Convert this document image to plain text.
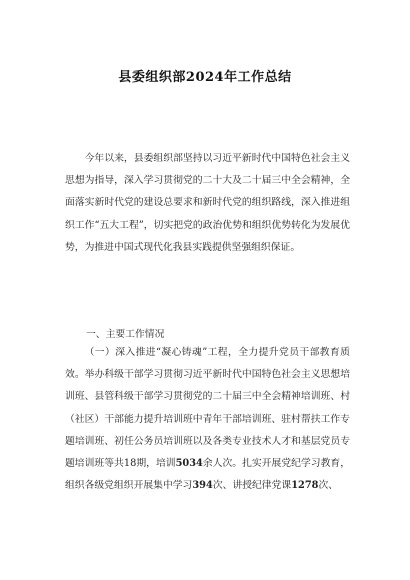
县委组织部2024年工作总结

今年以来，县委组织部坚持以习近平新时代中国特色社会主义思想为指导，深入学习贯彻党的二十大及二十届三中全会精神，全面落实新时代党的建设总要求和新时代党的组织路线，深入推进组织工作“五大工程”，切实把党的政治优势和组织优势转化为发展优势，为推进中国式现代化我县实践提供坚强组织保证。

一、主要工作情况

（一）深入推进“凝心铸魂”工程，全力提升党员干部教育质效。举办科级干部学习贯彻习近平新时代中国特色社会主义思想培训班、县管科级干部学习贯彻党的二十届三中全会精神培训班、村（社区）干部能力提升培训班中青年干部培训班、驻村帮扶工作专题培训班、初任公务员培训班以及各类专业技术人才和基层党员专题培训班等共18期，培训5034余人次。扎实开展党纪学习教育，组织各级党组织开展集中学习394次、讲授纪律党课1278次、
